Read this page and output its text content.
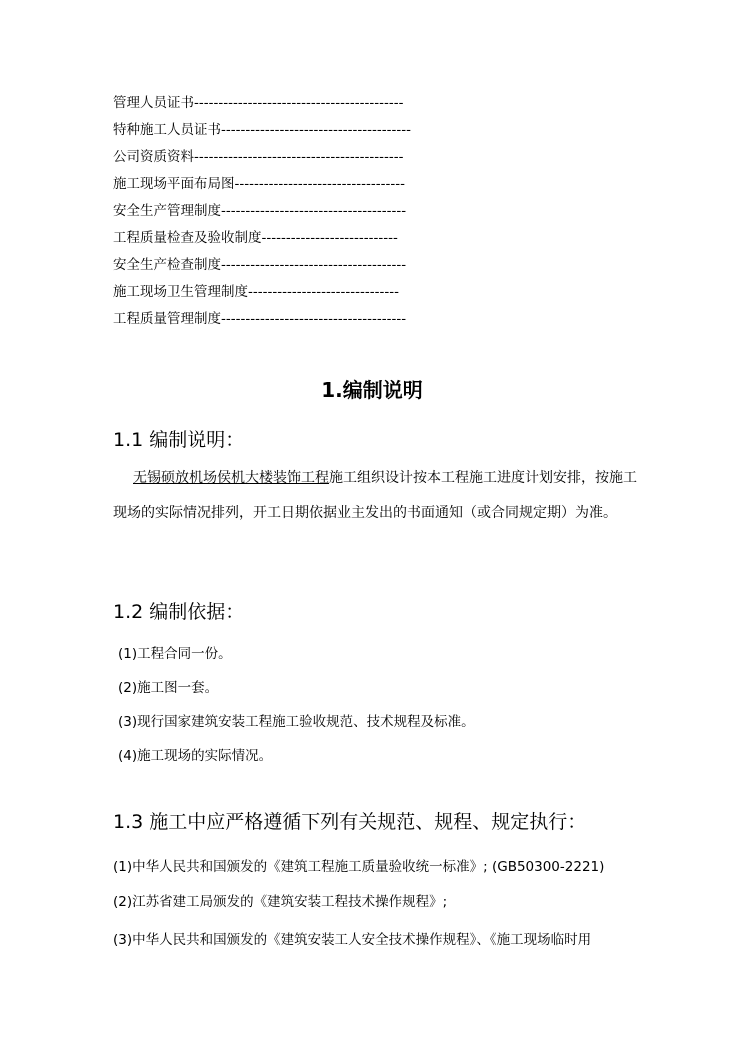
管理人员证书-------------------------------------------
特种施工人员证书---------------------------------------
公司资质资料-------------------------------------------
施工现场平面布局图-----------------------------------
安全生产管理制度--------------------------------------
工程质量检查及验收制度----------------------------
安全生产检查制度--------------------------------------
施工现场卫生管理制度-------------------------------
工程质量管理制度--------------------------------------
1.编制说明
1.1 编制说明：
无锡硕放机场侯机大楼装饰工程施工组织设计按本工程施工进度计划安排，按施工现场的实际情况排列，开工日期依据业主发出的书面通知（或合同规定期）为准。
1.2 编制依据：
(1)工程合同一份。
(2)施工图一套。
(3)现行国家建筑安装工程施工验收规范、技术规程及标准。
(4)施工现场的实际情况。
1.3 施工中应严格遵循下列有关规范、规程、规定执行：
(1)中华人民共和国颁发的《建筑工程施工质量验收统一标准》; (GB50300-2221)
(2)江苏省建工局颁发的《建筑安装工程技术操作规程》;
(3)中华人民共和国颁发的《建筑安装工人安全技术操作规程》、《施工现场临时用
